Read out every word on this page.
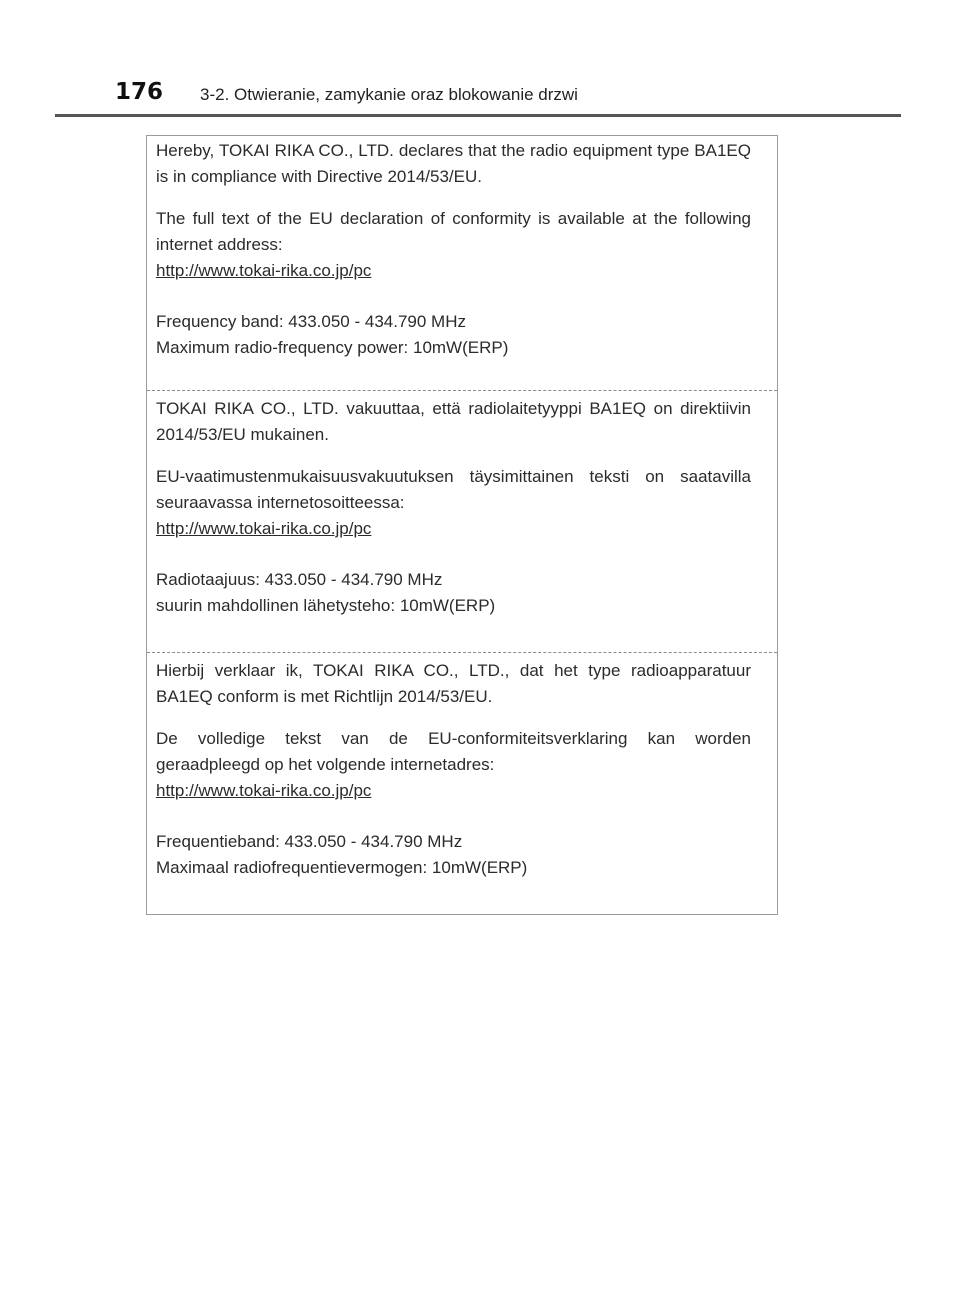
176 3-2. Otwieranie, zamykanie oraz blokowanie drzwi

Hereby, TOKAI RIKA CO., LTD. declares that the radio equipment type BA1EQ is in compliance with Directive 2014/53/EU.

The full text of the EU declaration of conformity is available at the following internet address:

http://www.tokai-rika.co.jp/pc
Frequency band: 433.050 - 434.790 MHz
Maximum radio-frequency power: 10mW(ERP)

TOKAI RIKA CO., LTD. vakuuttaa, että radiolaitetyyppi BA1EQ on direktiivin 2014/53/EU mukainen.

EU-vaatimustenmukaisuusvakuutuksen täysimittainen teksti on saatavilla seuraavassa internetosoitteessa:

http://www.tokai-rika.co.jp/pc
Radiotaajuus: 433.050 - 434.790 MHz
suurin mahdollinen lähetysteho: 10mW(ERP)

Hierbij verklaar ik, TOKAI RIKA CO., LTD., dat het type radioapparatuur BA1EQ conform is met Richtlijn 2014/53/EU.

De volledige tekst van de EU-conformiteitsverklaring kan worden geraadpleegd op het volgende internetadres:

http://www.tokai-rika.co.jp/pc
Frequentieband: 433.050 - 434.790 MHz
Maximaal radiofrequentievermogen: 10mW(ERP)
